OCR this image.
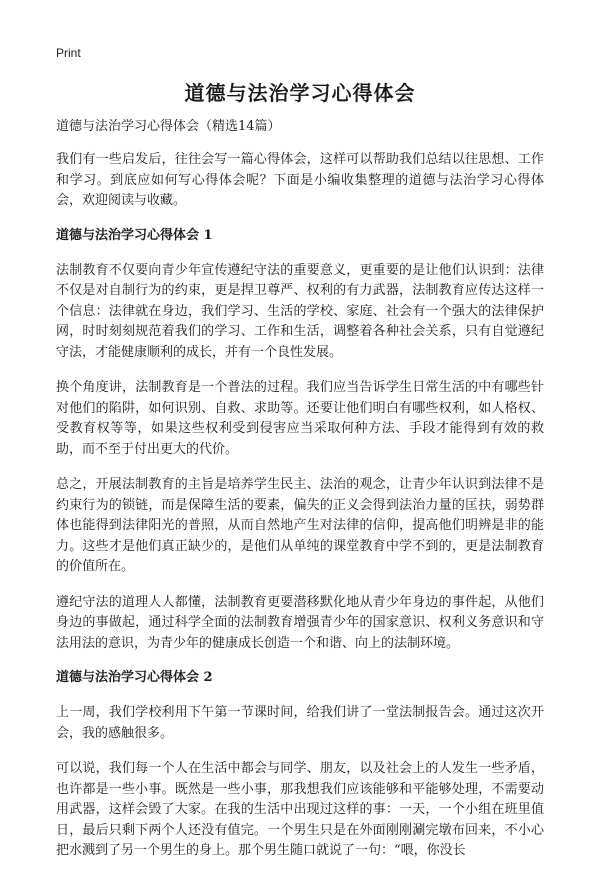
Print
道德与法治学习心得体会

道德与法治学习心得体会（精选14篇）

我们有一些启发后，往往会写一篇心得体会，这样可以帮助我们总结以往思想、工作和学习。到底应如何写心得体会呢？下面是小编收集整理的道德与法治学习心得体会，欢迎阅读与收藏。

道德与法治学习心得体会 1

法制教育不仅要向青少年宣传遵纪守法的重要意义，更重要的是让他们认识到：法律不仅是对自制行为的约束，更是捍卫尊严、权利的有力武器，法制教育应传达这样一个信息：法律就在身边，我们学习、生活的学校、家庭、社会有一个强大的法律保护网，时时刻刻规范着我们的学习、工作和生活，调整着各种社会关系，只有自觉遵纪守法，才能健康顺利的成长，并有一个良性发展。

换个角度讲，法制教育是一个普法的过程。我们应当告诉学生日常生活的中有哪些针对他们的陷阱，如何识别、自救、求助等。还要让他们明白有哪些权利，如人格权、受教育权等等，如果这些权利受到侵害应当采取何种方法、手段才能得到有效的救助，而不至于付出更大的代价。

总之，开展法制教育的主旨是培养学生民主、法治的观念，让青少年认识到法律不是约束行为的锁链，而是保障生活的要素，偏失的正义会得到法治力量的匡扶，弱势群体也能得到法律阳光的普照，从而自然地产生对法律的信仰，提高他们明辨是非的能力。这些才是他们真正缺少的，是他们从单纯的课堂教育中学不到的，更是法制教育的价值所在。

遵纪守法的道理人人都懂，法制教育更要潜移默化地从青少年身边的事件起，从他们身边的事做起，通过科学全面的法制教育增强青少年的国家意识、权利义务意识和守法用法的意识，为青少年的健康成长创造一个和谐、向上的法制环境。

道德与法治学习心得体会 2

上一周，我们学校利用下午第一节课时间，给我们讲了一堂法制报告会。通过这次开会，我的感触很多。

可以说，我们每一个人在生活中都会与同学、朋友，以及社会上的人发生一些矛盾，也许都是一些小事。既然是一些小事，那我想我们应该能够和平能够处理，不需要动用武器，这样会毁了大家。在我的生活中出现过这样的事：一天，一个小组在班里值日，最后只剩下两个人还没有值完。一个男生只是在外面刚刚涮完墩布回来，不小心把水溅到了另一个男生的身上。那个男生随口就说了一句：“喂，你没长
